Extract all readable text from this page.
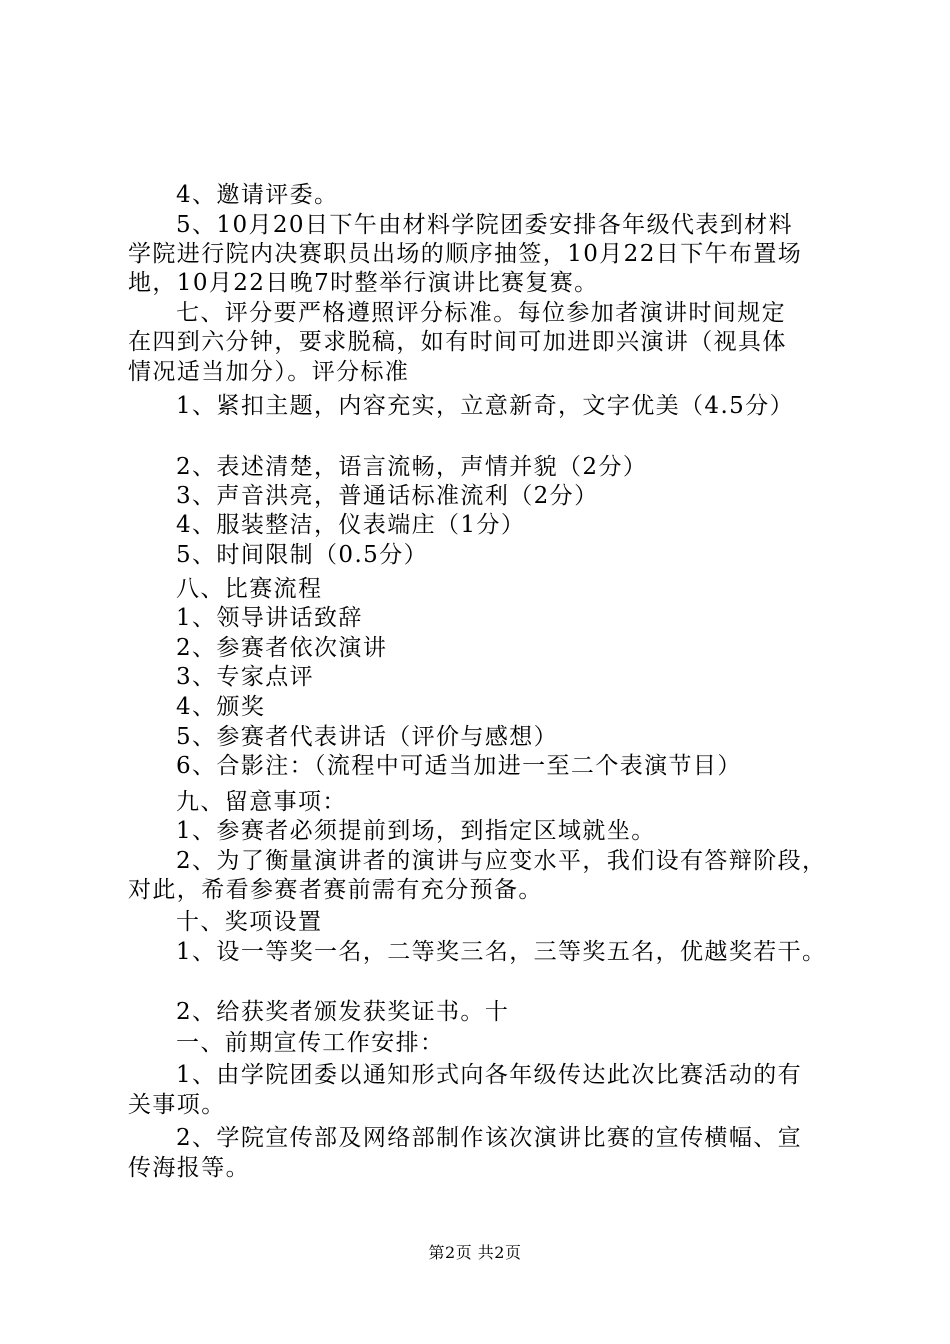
4、邀请评委。
5、10月20日下午由材料学院团委安排各年级代表到材料
学院进行院内决赛职员出场的顺序抽签，10月22日下午布置场
地，10月22日晚7时整举行演讲比赛复赛。
七、评分要严格遵照评分标准。每位参加者演讲时间规定
在四到六分钟，要求脱稿，如有时间可加进即兴演讲（视具体
情况适当加分）。评分标准
1、紧扣主题，内容充实，立意新奇，文字优美（4.5分）
2、表述清楚，语言流畅，声情并貌（2分）
3、声音洪亮，普通话标准流利（2分）
4、服装整洁，仪表端庄（1分）
5、时间限制（0.5分）
八、比赛流程
1、领导讲话致辞
2、参赛者依次演讲
3、专家点评
4、颁奖
5、参赛者代表讲话（评价与感想）
6、合影注：（流程中可适当加进一至二个表演节目）
九、留意事项：
1、参赛者必须提前到场，到指定区域就坐。
2、为了衡量演讲者的演讲与应变水平，我们设有答辩阶段，
对此，希看参赛者赛前需有充分预备。
十、奖项设置
1、设一等奖一名，二等奖三名，三等奖五名，优越奖若干。
2、给获奖者颁发获奖证书。十
一、前期宣传工作安排：
1、由学院团委以通知形式向各年级传达此次比赛活动的有
关事项。
2、学院宣传部及网络部制作该次演讲比赛的宣传横幅、宣
传海报等。
第2页 共2页
